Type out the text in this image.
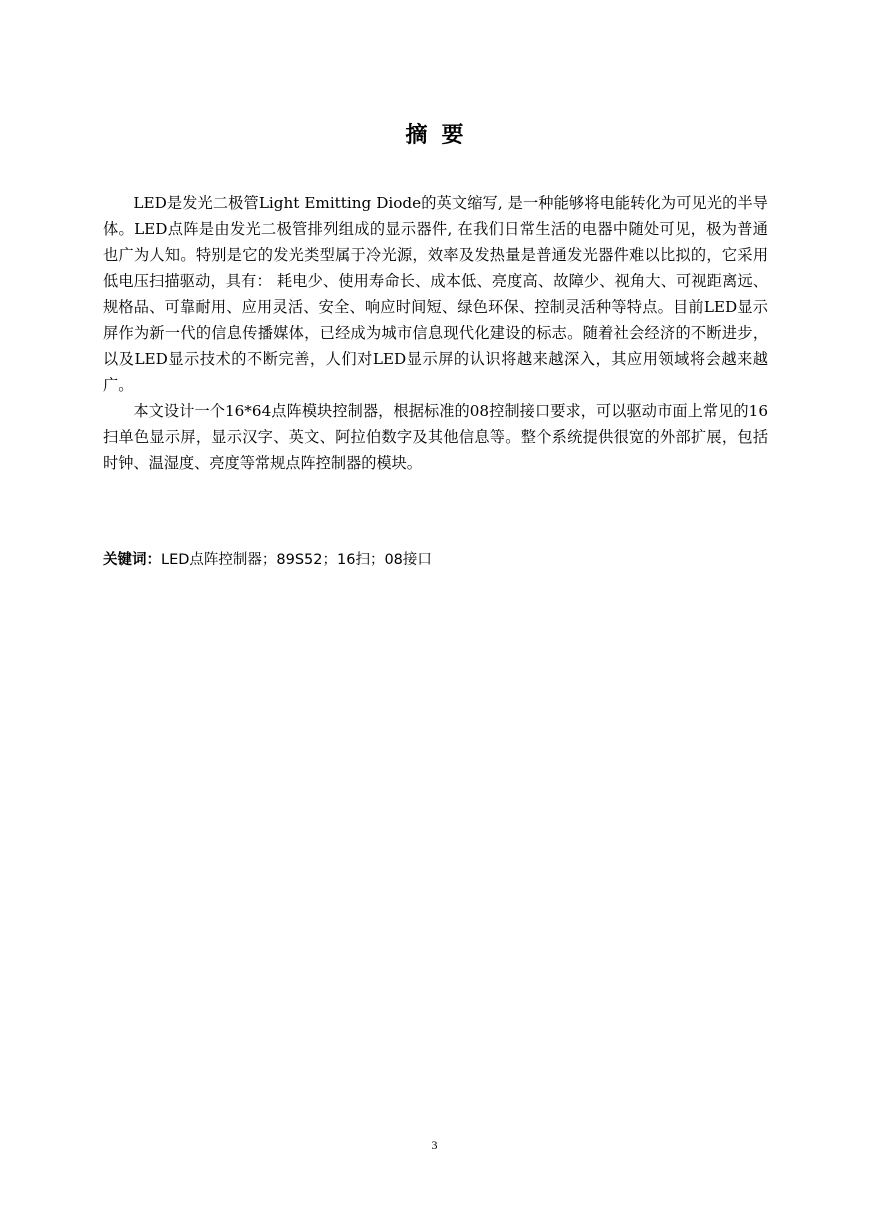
摘要

LED是发光二极管Light Emitting Diode的英文缩写, 是一种能够将电能转化为可见光的半导体。LED点阵是由发光二极管排列组成的显示器件, 在我们日常生活的电器中随处可见，极为普通也广为人知。特别是它的发光类型属于冷光源，效率及发热量是普通发光器件难以比拟的，它采用低电压扫描驱动，具有： 耗电少、使用寿命长、成本低、亮度高、故障少、视角大、可视距离远、规格品、可靠耐用、应用灵活、安全、响应时间短、绿色环保、控制灵活种等特点。目前LED显示屏作为新一代的信息传播媒体，已经成为城市信息现代化建设的标志。随着社会经济的不断进步，以及LED显示技术的不断完善，人们对LED显示屏的认识将越来越深入，其应用领域将会越来越广。

本文设计一个16*64点阵模块控制器，根据标准的08控制接口要求，可以驱动市面上常见的16扫单色显示屏，显示汉字、英文、阿拉伯数字及其他信息等。整个系统提供很宽的外部扩展，包括时钟、温湿度、亮度等常规点阵控制器的模块。

关键词：LED点阵控制器；89S52；16扫；08接口
3
